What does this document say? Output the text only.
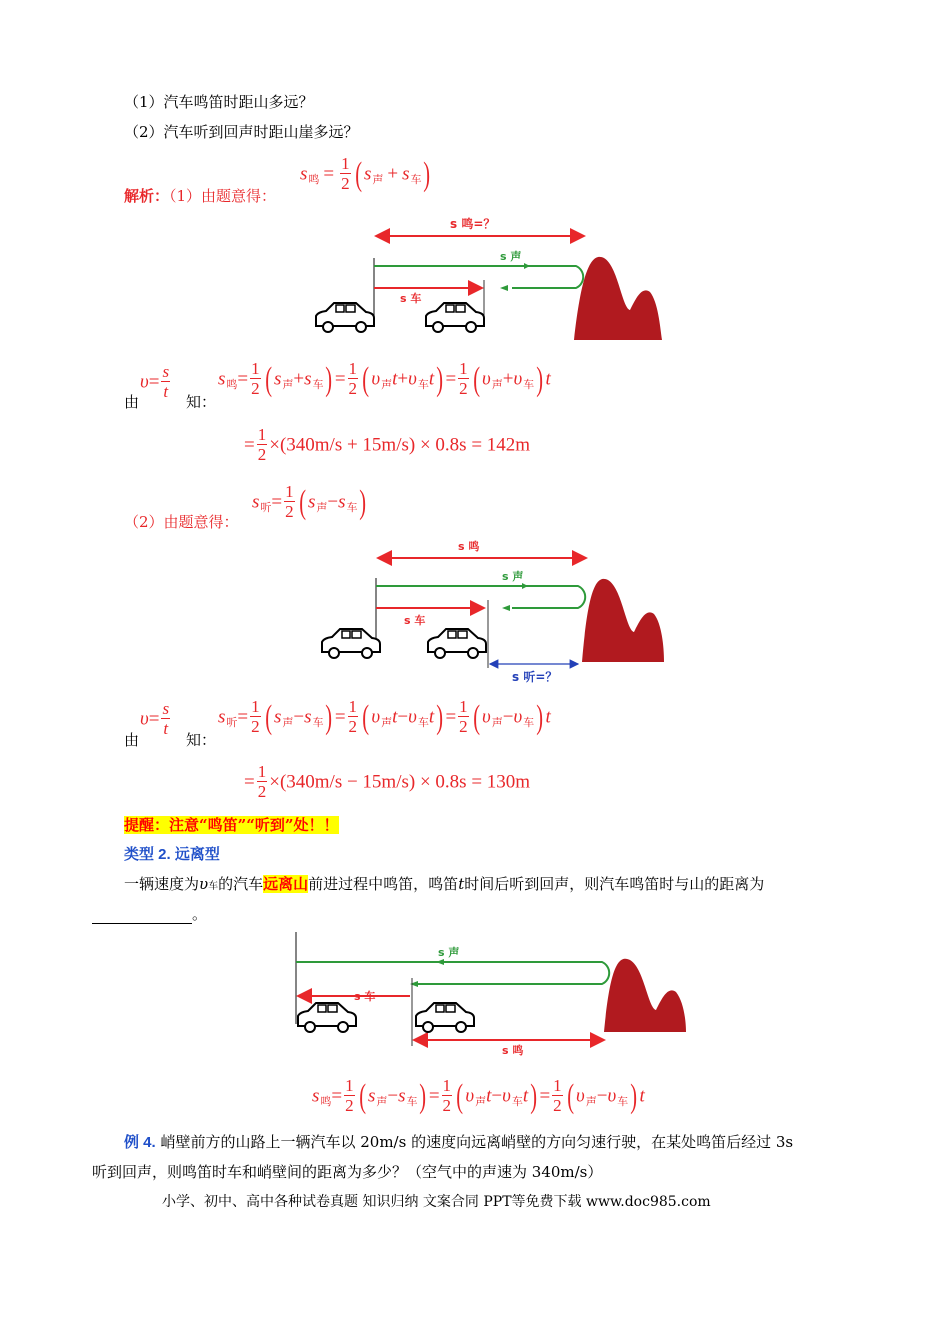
（1）汽车鸣笛时距山多远？
（2）汽车听到回声时距山崖多远？
$s_鸣 = \frac{1}{2}$ ( $s_声 + s_车$)
解析：（1）由题意得：
s 鸣=？
s 声
s 车
$\upsilon= \frac{s}{t}$
由	知：
$s_鸣= \frac{1}{2}$ ( $s_声+s_车) = \frac{1}{2}$ ( $\upsilon_声t+\upsilon_车t) = \frac{1}{2}$ ( $\upsilon_声+\upsilon_车$) t
= $\frac{1}{2} \times(340m/s + 15m/s) \times 0.8s = 142m$
$s_听= \frac{1}{2}$ ( $s_声-s_车$)
（2）由题意得：
s 鸣
s 声
s 车
s 听=？
$\upsilon= \frac{s}{t}$
由	知：
$s_听= \frac{1}{2}$ ( $s_声-s_车) = \frac{1}{2}$ ( $\upsilon_声t-\upsilon_车t) = \frac{1}{2}$ ( $\upsilon_声-\upsilon_车$) t
= $\frac{1}{2} \times(340m/s - 15m/s) \times 0.8s = 130m$
提醒：注意“鸣笛”“听到”处！！
类型 2. 远离型
一辆速度为υ车的汽车远离山前进过程中鸣笛，鸣笛t时间后听到回声，则汽车鸣笛时与山的距离为
。
s 声
s 车
s 鸣
$s_鸣= \frac{1}{2}$ ( $s_声-s_车) = \frac{1}{2}$ ( $\upsilon_声t-\upsilon_车t) = \frac{1}{2}$ ( $\upsilon_声-\upsilon_车$) t
例 4. 峭壁前方的山路上一辆汽车以 20m/s 的速度向远离峭壁的方向匀速行驶，在某处鸣笛后经过 3s
听到回声，则鸣笛时车和峭壁间的距离为多少？（空气中的声速为 340m/s）
小学、初中、高中各种试卷真题 知识归纳 文案合同 PPT等免费下载 www.doc985.com
